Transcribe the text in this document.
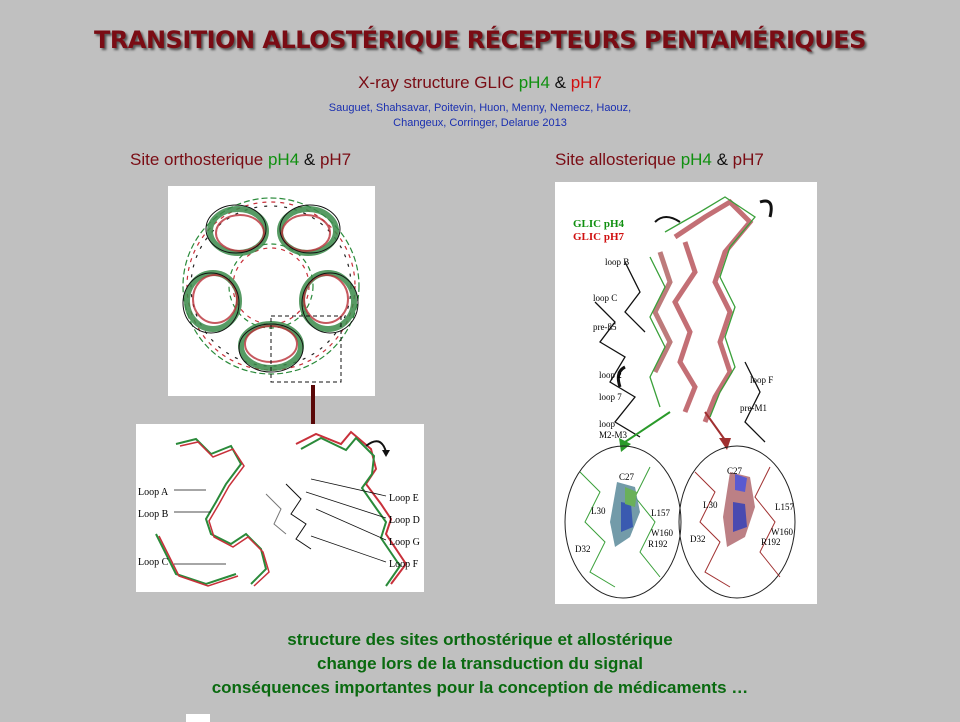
TRANSITION ALLOSTÉRIQUE RÉCEPTEURS PENTAMÉRIQUES
X-ray structure GLIC pH4 & pH7
Sauguet, Shahsavar, Poitevin, Huon, Menny, Nemecz, Haouz,
Changeux, Corringer, Delarue 2013
Site orthosterique pH4 & pH7	Site allosterique pH4 & pH7
Loop A
Loop B
Loop C
Loop E
Loop D
Loop G
Loop F
GLIC pH4
GLIC pH7
loop B
loop C
pre-ß5
loop 2
loop 7
loop
M2-M3
loop F
pre-M1
C27
L30	L157
W160
R192
D32
C27
L30	L157
W160
R192
D32
structure des sites orthostérique et allostérique
change lors de la transduction du signal
conséquences importantes pour la conception de médicaments …
